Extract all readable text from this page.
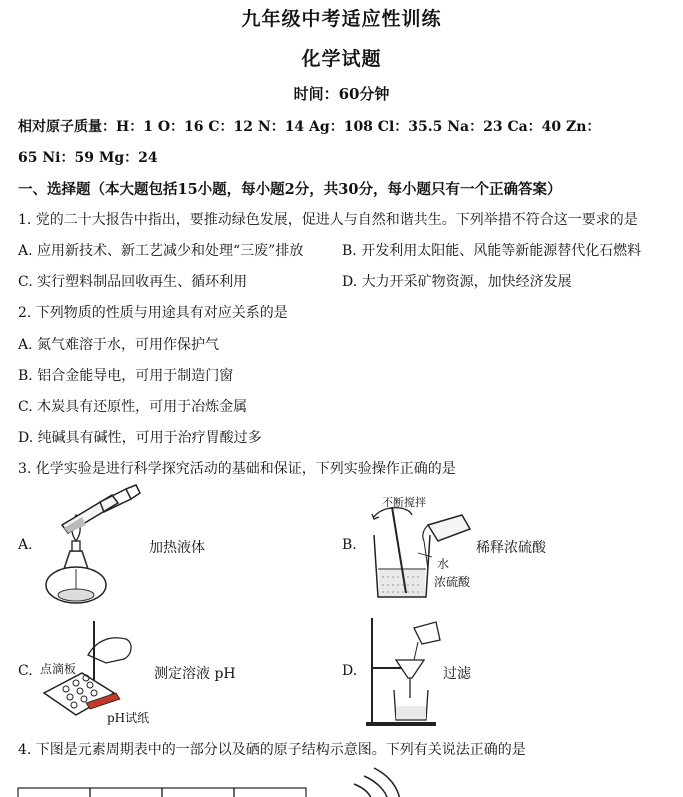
九年级中考适应性训练
化学试题
时间：60分钟
相对原子质量：H：1 O：16 C：12 N：14 Ag：108 Cl：35.5 Na：23 Ca：40 Zn：
65 Ni：59 Mg：24
一、选择题（本大题包括15小题，每小题2分，共30分，每小题只有一个正确答案）
1. 党的二十大报告中指出，要推动绿色发展，促进人与自然和谐共生。下列举措不符合这一要求的是
A. 应用新技术、新工艺减少和处理“三废”排放	B. 开发利用太阳能、风能等新能源替代化石燃料
C. 实行塑料制品回收再生、循环利用	D. 大力开采矿物资源，加快经济发展
2. 下列物质的性质与用途具有对应关系的是
A. 氮气难溶于水，可用作保护气
B. 铝合金能导电，可用于制造门窗
C. 木炭具有还原性，可用于冶炼金属
D. 纯碱具有碱性，可用于治疗胃酸过多
3. 化学实验是进行科学探究活动的基础和保证，下列实验操作正确的是
A.	加热液体	B.
不断搅拌
水
浓硫酸
稀释浓硫酸
C. 点滴板
pH试纸
测定溶液 pH	D.	过滤
4. 下图是元素周期表中的一部分以及硒的原子结构示意图。下列有关说法正确的是
